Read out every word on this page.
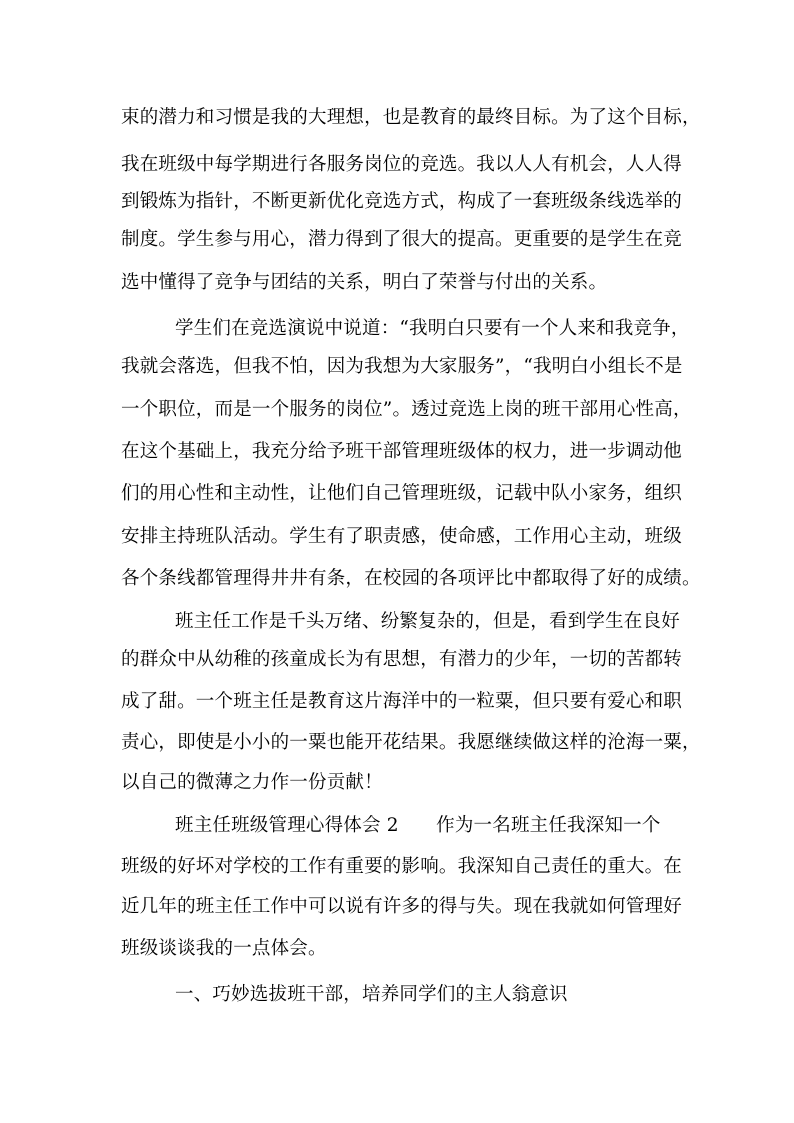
束的潜力和习惯是我的大理想，也是教育的最终目标。为了这个目标，
我在班级中每学期进行各服务岗位的竞选。我以人人有机会，人人得
到锻炼为指针，不断更新优化竞选方式，构成了一套班级条线选举的
制度。学生参与用心，潜力得到了很大的提高。更重要的是学生在竞
选中懂得了竞争与团结的关系，明白了荣誉与付出的关系。
学生们在竞选演说中说道：“我明白只要有一个人来和我竞争，
我就会落选，但我不怕，因为我想为大家服务”，“我明白小组长不是
一个职位，而是一个服务的岗位”。透过竞选上岗的班干部用心性高，
在这个基础上，我充分给予班干部管理班级体的权力，进一步调动他
们的用心性和主动性，让他们自己管理班级，记载中队小家务，组织
安排主持班队活动。学生有了职责感，使命感，工作用心主动，班级
各个条线都管理得井井有条，在校园的各项评比中都取得了好的成绩。
班主任工作是千头万绪、纷繁复杂的，但是，看到学生在良好
的群众中从幼稚的孩童成长为有思想，有潜力的少年，一切的苦都转
成了甜。一个班主任是教育这片海洋中的一粒粟，但只要有爱心和职
责心，即使是小小的一粟也能开花结果。我愿继续做这样的沧海一粟，
以自己的微薄之力作一份贡献！
班主任班级管理心得体会 2　　作为一名班主任我深知一个
班级的好坏对学校的工作有重要的影响。我深知自己责任的重大。在
近几年的班主任工作中可以说有许多的得与失。现在我就如何管理好
班级谈谈我的一点体会。
一、巧妙选拔班干部，培养同学们的主人翁意识
